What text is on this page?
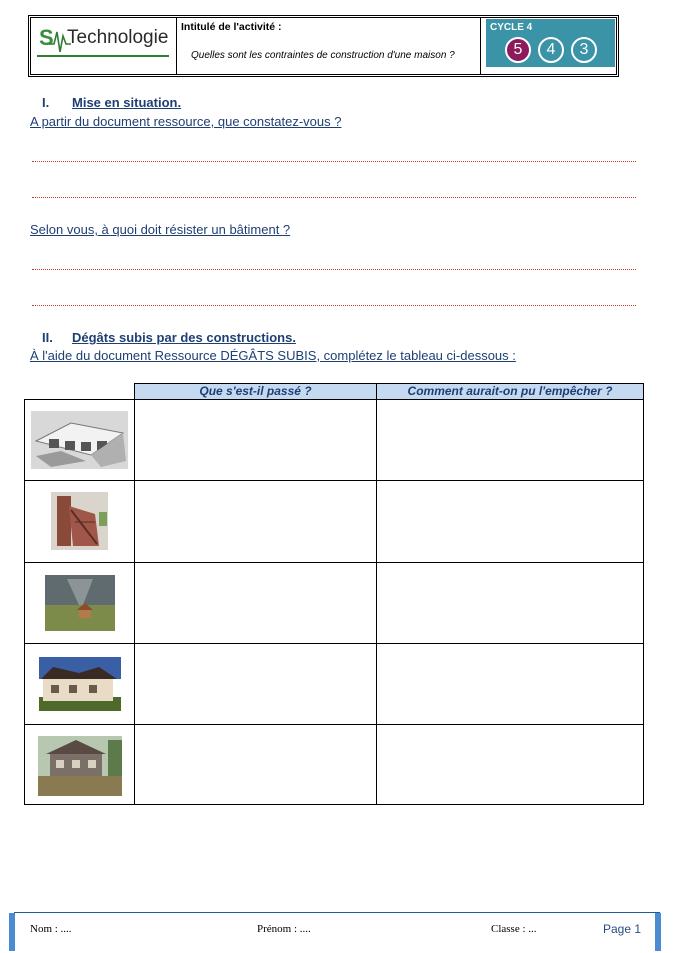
S Technologie Intitulé de l'activité :
Quelles sont les contraintes de construction d'une maison ?
CYCLE 4
5	4	3
I. Mise en situation.
A partir du document ressource, que constatez-vous ?
Selon vous, à quoi doit résister un bâtiment ?
II. Dégâts subis par des constructions.
À l'aide du document Ressource DÉGÂTS SUBIS, complétez le tableau ci-dessous :
Que s'est-il passé ?	Comment aurait-on pu l'empêcher ?
Nom : ....	Prénom : ....	Classe : ...	Page 1
